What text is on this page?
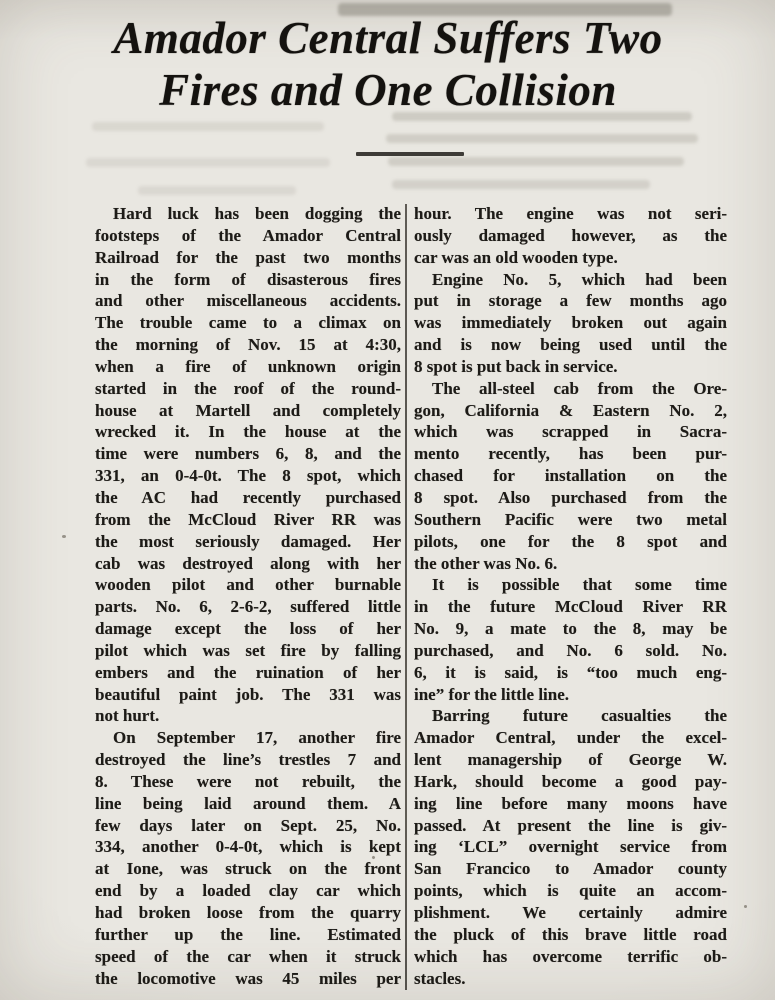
Amador Central Suffers Two
Fires and One Collision
Hard luck has been dogging the
footsteps of the Amador Central
Railroad for the past two months
in the form of disasterous fires
and other miscellaneous accidents.
The trouble came to a climax on
the morning of Nov. 15 at 4:30,
when a fire of unknown origin
started in the roof of the round-
house at Martell and completely
wrecked it. In the house at the
time were numbers 6, 8, and the
331, an 0-4-0t. The 8 spot, which
the AC had recently purchased
from the McCloud River RR was
the most seriously damaged. Her
cab was destroyed along with her
wooden pilot and other burnable
parts. No. 6, 2-6-2, suffered little
damage except the loss of her
pilot which was set fire by falling
embers and the ruination of her
beautiful paint job. The 331 was
not hurt.
On September 17, another fire
destroyed the line’s trestles 7 and
8. These were not rebuilt, the
line being laid around them. A
few days later on Sept. 25, No.
334, another 0-4-0t, which is kept
at Ione, was struck on the front
end by a loaded clay car which
had broken loose from the quarry
further up the line. Estimated
speed of the car when it struck
the locomotive was 45 miles per
hour. The engine was not seri-
ously damaged however, as the
car was an old wooden type.
Engine No. 5, which had been
put in storage a few months ago
was immediately broken out again
and is now being used until the
8 spot is put back in service.
The all-steel cab from the Ore-
gon, California & Eastern No. 2,
which was scrapped in Sacra-
mento recently, has been pur-
chased for installation on the
8 spot. Also purchased from the
Southern Pacific were two metal
pilots, one for the 8 spot and
the other was No. 6.
It is possible that some time
in the future McCloud River RR
No. 9, a mate to the 8, may be
purchased, and No. 6 sold. No.
6, it is said, is “too much eng-
ine” for the little line.
Barring future casualties the
Amador Central, under the excel-
lent managership of George W.
Hark, should become a good pay-
ing line before many moons have
passed. At present the line is giv-
ing ‘LCL” overnight service from
San Francico to Amador county
points, which is quite an accom-
plishment. We certainly admire
the pluck of this brave little road
which has overcome terrific ob-
stacles.
